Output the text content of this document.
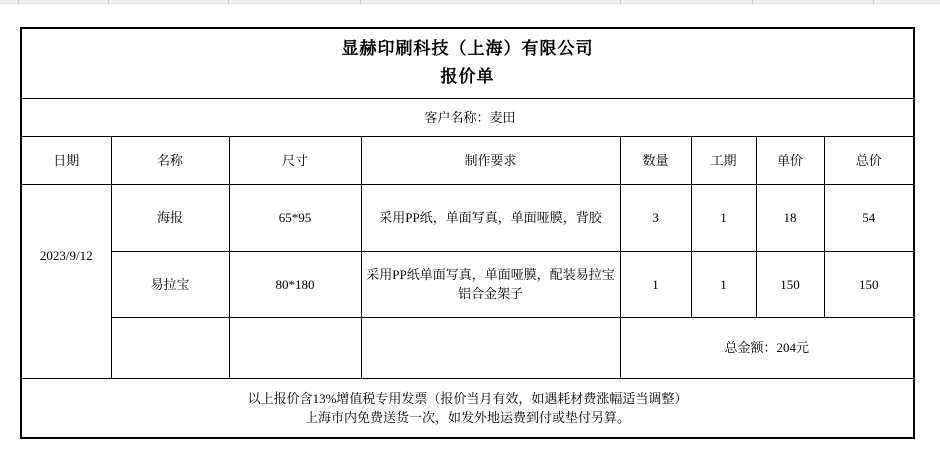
显赫印刷科技（上海）有限公司
报价单							

客户名称：麦田							
日期	名称	尺寸	制作要求	数量	工期	单价	总价
2023/9/12	海报	65*95	采用PP纸，单面写真，单面哑膜，背胶	3	1	18	54
	易拉宝	80*180	采用PP纸单面写真，单面哑膜，配装易拉宝铝合金架子	1	1	150	150
				总金额：204元			

以上报价含13%增值税专用发票（报价当月有效，如遇耗材费涨幅适当调整）
上海市内免费送货一次，如发外地运费到付或垫付另算。							
